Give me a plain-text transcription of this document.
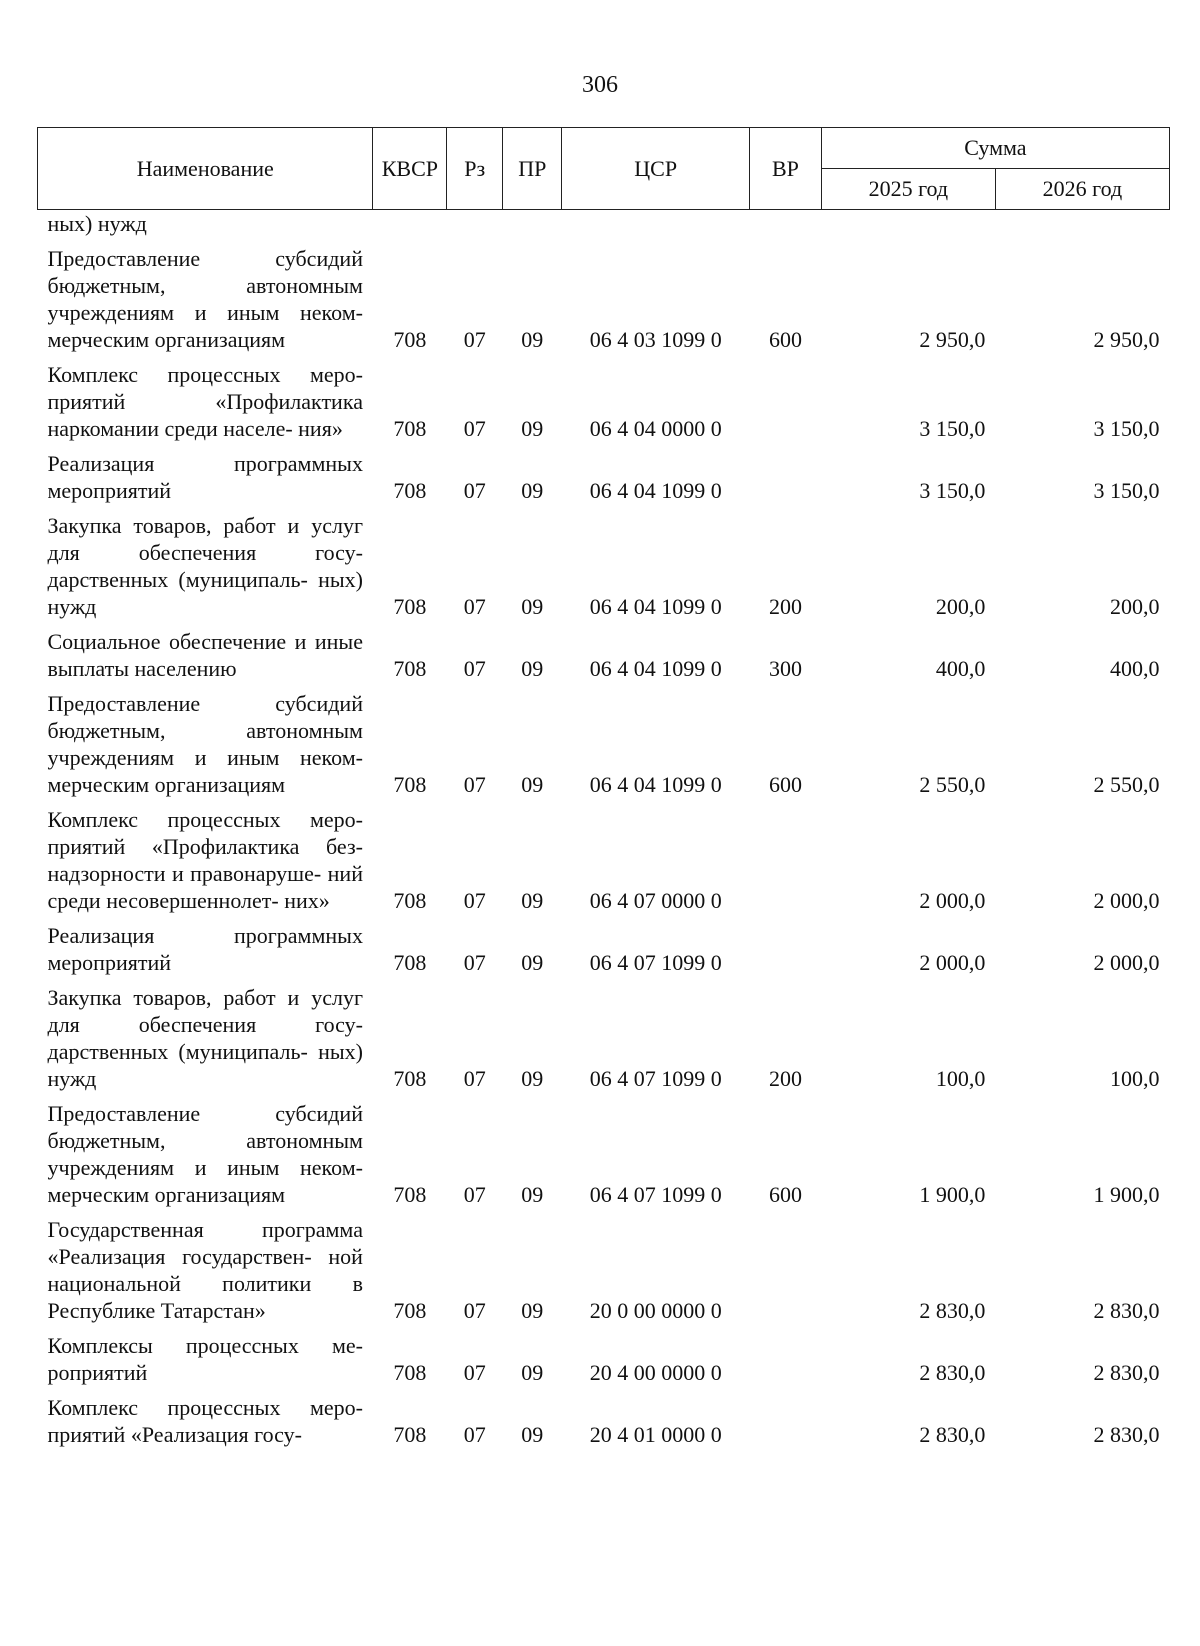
306
Наименование	КВСР	Рз	ПР	ЦСР	ВР	Сумма	
						2025 год	2026 год

ных) нужд							

Предоставление субсидий бюджетным, автономным учреждениям и иным неком- мерческим организациям	708	07	09	06 4 03 1099 0	600	2 950,0	2 950,0

Комплекс процессных меро- приятий «Профилактика наркомании среди населе- ния»	708	07	09	06 4 04 0000 0		3 150,0	3 150,0

Реализация программных мероприятий	708	07	09	06 4 04 1099 0		3 150,0	3 150,0

Закупка товаров, работ и услуг для обеспечения госу- дарственных (муниципаль- ных) нужд	708	07	09	06 4 04 1099 0	200	200,0	200,0

Социальное обеспечение и иные выплаты населению	708	07	09	06 4 04 1099 0	300	400,0	400,0

Предоставление субсидий бюджетным, автономным учреждениям и иным неком- мерческим организациям	708	07	09	06 4 04 1099 0	600	2 550,0	2 550,0

Комплекс процессных меро- приятий «Профилактика без- надзорности и правонаруше- ний среди несовершеннолет- них»	708	07	09	06 4 07 0000 0		2 000,0	2 000,0

Реализация программных мероприятий	708	07	09	06 4 07 1099 0		2 000,0	2 000,0

Закупка товаров, работ и услуг для обеспечения госу- дарственных (муниципаль- ных) нужд	708	07	09	06 4 07 1099 0	200	100,0	100,0

Предоставление субсидий бюджетным, автономным учреждениям и иным неком- мерческим организациям	708	07	09	06 4 07 1099 0	600	1 900,0	1 900,0

Государственная программа «Реализация государствен- ной национальной политики в Республике Татарстан»	708	07	09	20 0 00 0000 0		2 830,0	2 830,0

Комплексы процессных ме- роприятий	708	07	09	20 4 00 0000 0		2 830,0	2 830,0

Комплекс процессных меро- приятий «Реализация госу-	708	07	09	20 4 01 0000 0		2 830,0	2 830,0
